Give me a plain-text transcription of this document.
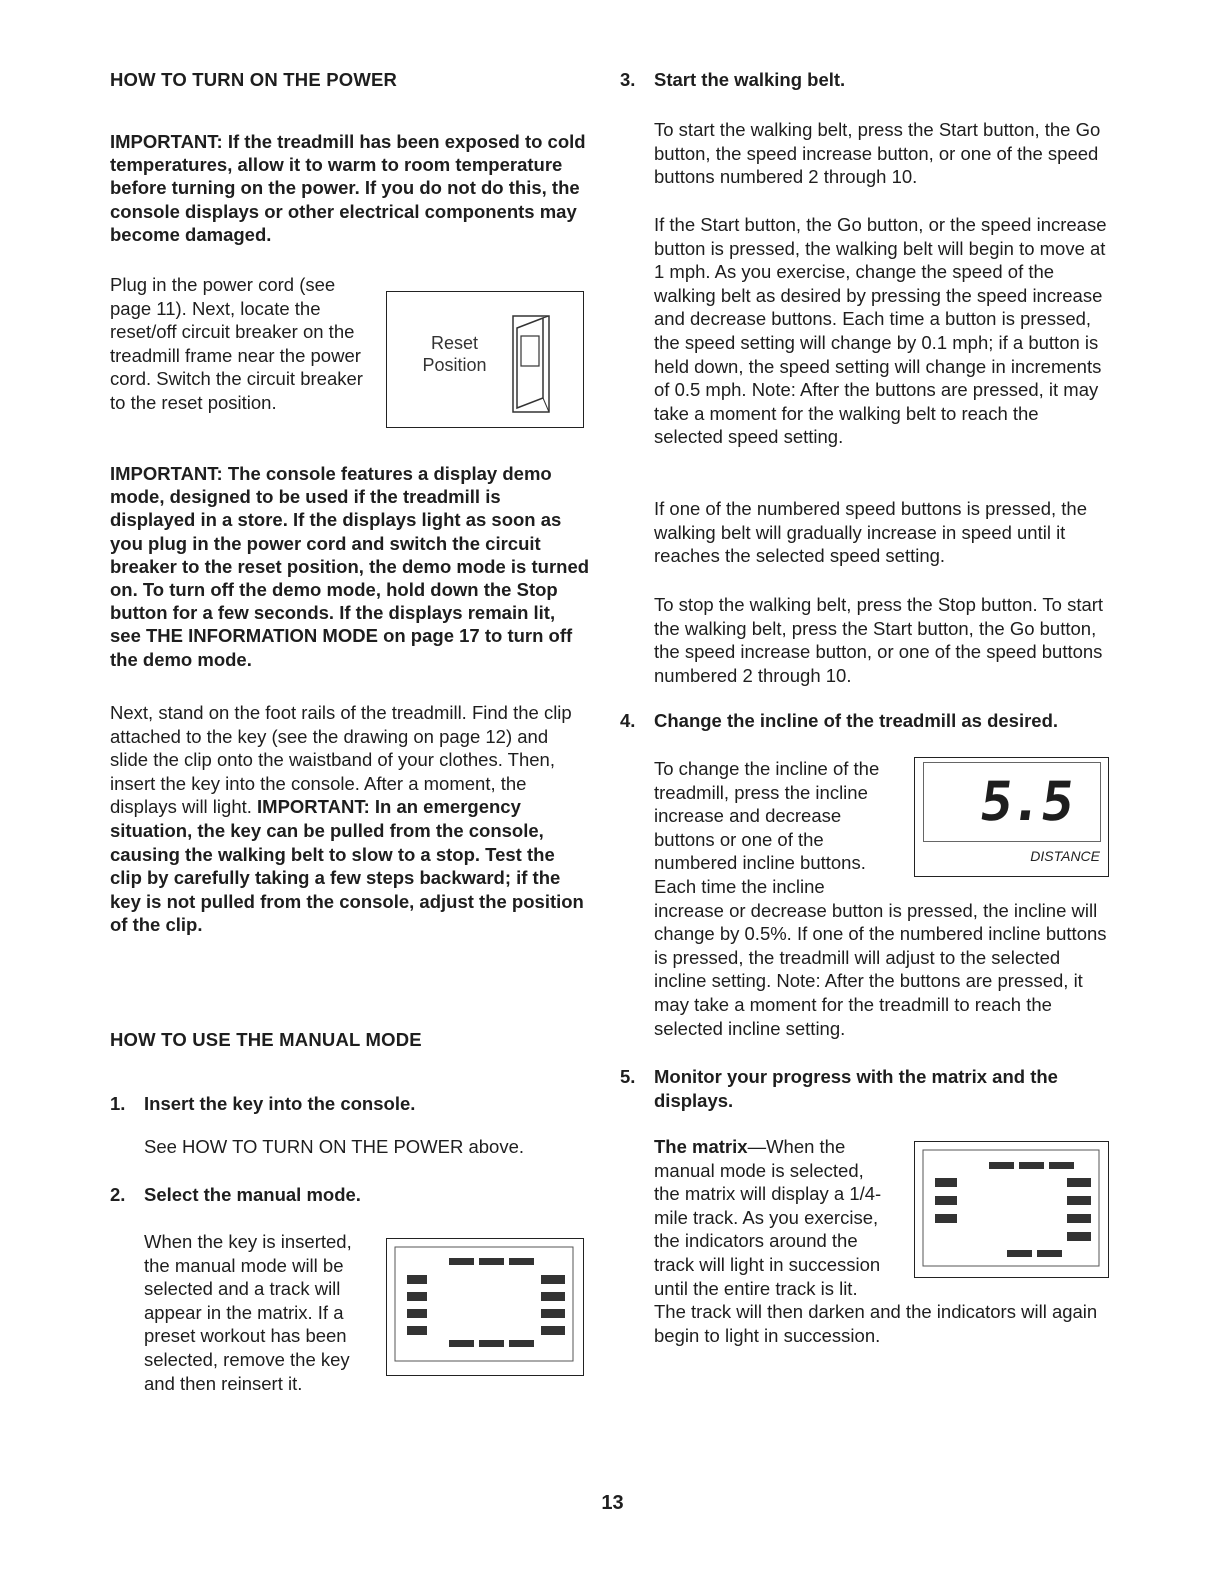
HOW TO TURN ON THE POWER

IMPORTANT: If the treadmill has been exposed to cold temperatures, allow it to warm to room temperature before turning on the power. If you do not do this, the console displays or other electrical components may become damaged.

Plug in the power cord (see page 11). Next, locate the reset/off circuit breaker on the treadmill frame near the power cord. Switch the circuit breaker to the reset position.

Reset
Position

IMPORTANT: The console features a display demo mode, designed to be used if the treadmill is displayed in a store. If the displays light as soon as you plug in the power cord and switch the circuit breaker to the reset position, the demo mode is turned on. To turn off the demo mode, hold down the Stop button for a few seconds. If the displays remain lit, see THE INFORMATION MODE on page 17 to turn off the demo mode.

Next, stand on the foot rails of the treadmill. Find the clip attached to the key (see the drawing on page 12) and slide the clip onto the waistband of your clothes. Then, insert the key into the console. After a moment, the displays will light. IMPORTANT: In an emergency situation, the key can be pulled from the console, causing the walking belt to slow to a stop. Test the clip by carefully taking a few steps backward; if the key is not pulled from the console, adjust the position of the clip.

HOW TO USE THE MANUAL MODE
1. Insert the key into the console.

See HOW TO TURN ON THE POWER above.

2. Select the manual mode.

When the key is inserted, the manual mode will be selected and a track will appear in the matrix. If a preset workout has been selected, remove the key and then reinsert it.

3. Start the walking belt.

To start the walking belt, press the Start button, the Go button, the speed increase button, or one of the speed buttons numbered 2 through 10.

If the Start button, the Go button, or the speed increase button is pressed, the walking belt will begin to move at 1 mph. As you exercise, change the speed of the walking belt as desired by pressing the speed increase and decrease buttons. Each time a button is pressed, the speed setting will change by 0.1 mph; if a button is held down, the speed setting will change in increments of 0.5 mph. Note: After the buttons are pressed, it may take a moment for the walking belt to reach the selected speed setting.

If one of the numbered speed buttons is pressed, the walking belt will gradually increase in speed until it reaches the selected speed setting.

To stop the walking belt, press the Stop button. To start the walking belt, press the Start button, the Go button, the speed increase button, or one of the speed buttons numbered 2 through 10.

4. Change the incline of the treadmill as desired.
5.5
DISTANCE

To change the incline of the treadmill, press the incline increase and decrease buttons or one of the numbered incline buttons. Each time the incline increase or decrease button is pressed, the incline will change by 0.5%. If one of the numbered incline buttons is pressed, the treadmill will adjust to the selected incline setting. Note: After the buttons are pressed, it may take a moment for the treadmill to reach the selected incline setting.

5. Monitor your progress with the matrix and the displays.

The matrix—When the manual mode is selected, the matrix will display a 1/4-mile track. As you exercise, the indicators around the track will light in succession until the entire track is lit. The track will then darken and the indicators will again begin to light in succession.

13
